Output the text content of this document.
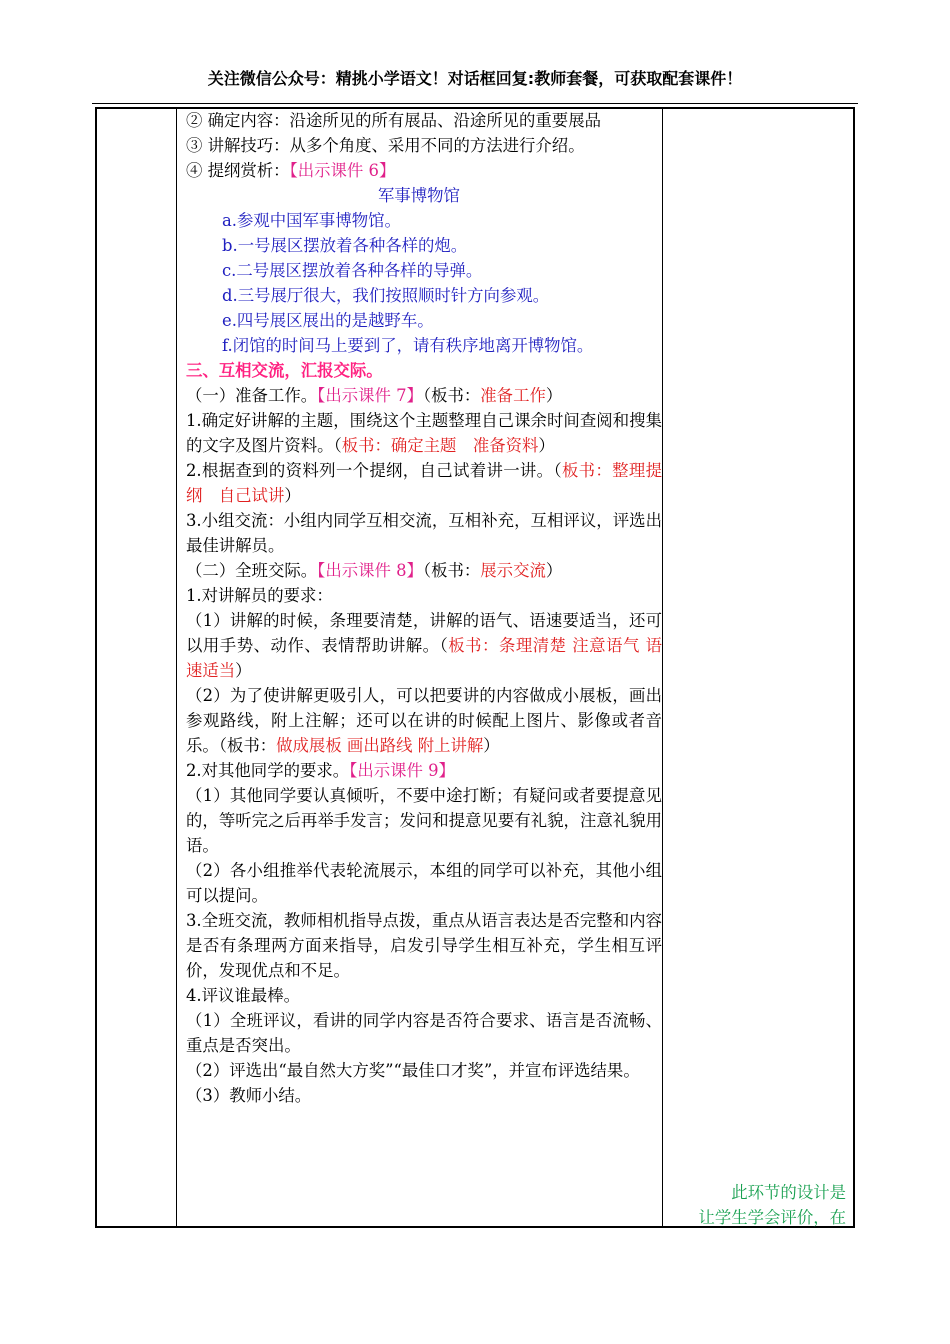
关注微信公众号：精挑小学语文！对话框回复:教师套餐，可获取配套课件！
② 确定内容：沿途所见的所有展品、沿途所见的重要展品
③ 讲解技巧：从多个角度、采用不同的方法进行介绍。
④ 提纲赏析：【出示课件 6】
军事博物馆
a.参观中国军事博物馆。
b.一号展区摆放着各种各样的炮。
c.二号展区摆放着各种各样的导弹。
d.三号展厅很大，我们按照顺时针方向参观。
e.四号展区展出的是越野车。
f.闭馆的时间马上要到了，请有秩序地离开博物馆。
三、互相交流，汇报交际。
（一）准备工作。【出示课件 7】（板书：准备工作）
1.确定好讲解的主题，围绕这个主题整理自己课余时间查阅和搜集的文字及图片资料。（板书：确定主题　准备资料）
2.根据查到的资料列一个提纲，自己试着讲一讲。（板书：整理提纲　自己试讲）
3.小组交流：小组内同学互相交流，互相补充，互相评议，评选出最佳讲解员。
（二）全班交际。【出示课件 8】（板书：展示交流）
1.对讲解员的要求：
（1）讲解的时候，条理要清楚，讲解的语气、语速要适当，还可以用手势、动作、表情帮助讲解。（板书：条理清楚 注意语气 语速适当）
（2）为了使讲解更吸引人，可以把要讲的内容做成小展板，画出参观路线，附上注解；还可以在讲的时候配上图片、影像或者音乐。（板书：做成展板 画出路线 附上讲解）
2.对其他同学的要求。【出示课件 9】
（1）其他同学要认真倾听，不要中途打断；有疑问或者要提意见的，等听完之后再举手发言；发问和提意见要有礼貌，注意礼貌用语。
（2）各小组推举代表轮流展示，本组的同学可以补充，其他小组可以提问。
3.全班交流，教师相机指导点拨，重点从语言表达是否完整和内容是否有条理两方面来指导，启发引导学生相互补充，学生相互评价，发现优点和不足。
4.评议谁最棒。
（1）全班评议，看讲的同学内容是否符合要求、语言是否流畅、重点是否突出。
（2）评选出“最自然大方奖”“最佳口才奖”，并宣布评选结果。
（3）教师小结。
此环节的设计是
让学生学会评价，在
